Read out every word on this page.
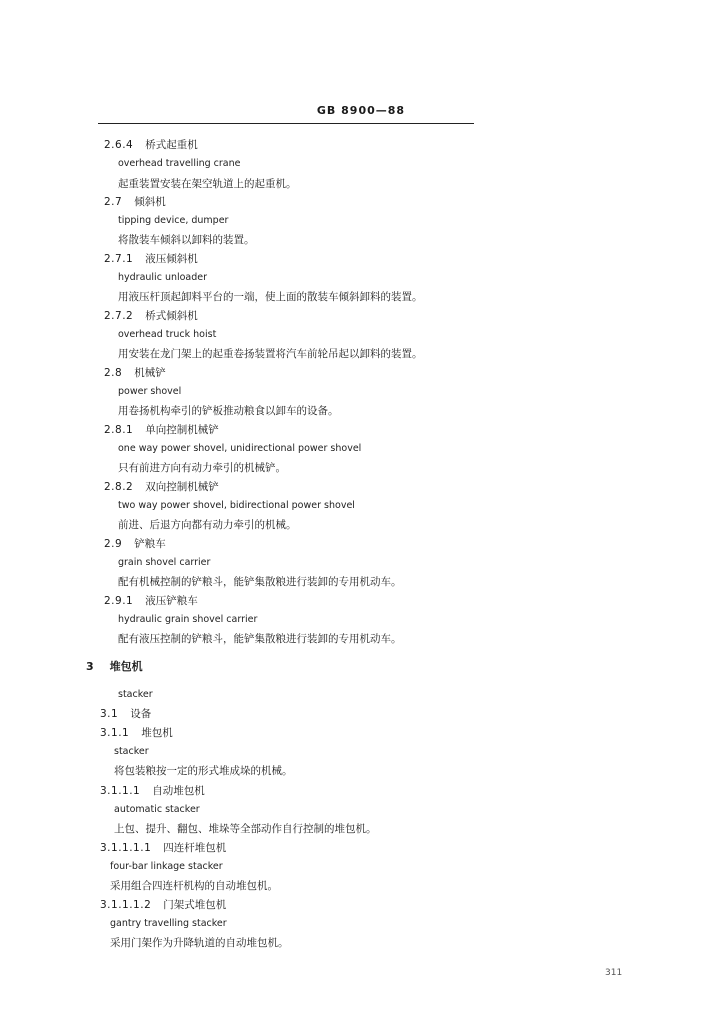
GB 8900—88
2.6.4 桥式起重机
overhead travelling crane
起重装置安装在架空轨道上的起重机。
2.7 倾斜机
tipping device, dumper
将散装车倾斜以卸料的装置。
2.7.1 液压倾斜机
hydraulic unloader
用液压杆顶起卸料平台的一端，使上面的散装车倾斜卸料的装置。
2.7.2 桥式倾斜机
overhead truck hoist
用安装在龙门架上的起重卷扬装置将汽车前轮吊起以卸料的装置。
2.8 机械铲
power shovel
用卷扬机构牵引的铲板推动粮食以卸车的设备。
2.8.1 单向控制机械铲
one way power shovel, unidirectional power shovel
只有前进方向有动力牵引的机械铲。
2.8.2 双向控制机械铲
two way power shovel, bidirectional power shovel
前进、后退方向都有动力牵引的机械。
2.9 铲粮车
grain shovel carrier
配有机械控制的铲粮斗，能铲集散粮进行装卸的专用机动车。
2.9.1 液压铲粮车
hydraulic grain shovel carrier
配有液压控制的铲粮斗，能铲集散粮进行装卸的专用机动车。
3 堆包机
stacker
3.1 设备
3.1.1 堆包机
stacker
将包装粮按一定的形式堆成垛的机械。
3.1.1.1 自动堆包机
automatic stacker
上包、提升、翻包、堆垛等全部动作自行控制的堆包机。
3.1.1.1.1 四连杆堆包机
four-bar linkage stacker
采用组合四连杆机构的自动堆包机。
3.1.1.1.2 门架式堆包机
gantry travelling stacker
采用门架作为升降轨道的自动堆包机。
311
